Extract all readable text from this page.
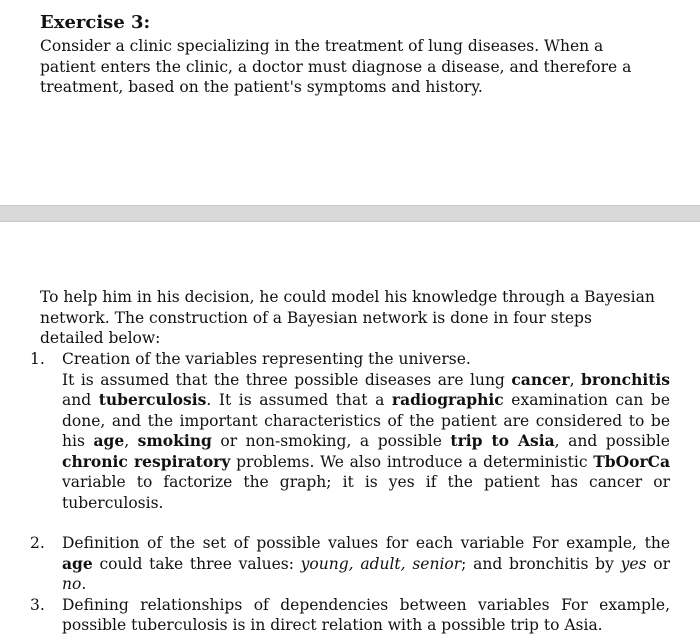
Exercise 3:
Consider a clinic specializing in the treatment of lung diseases. When a patient enters the clinic, a doctor must diagnose a disease, and therefore a treatment, based on the patient's symptoms and history.
To help him in his decision, he could model his knowledge through a Bayesian network. The construction of a Bayesian network is done in four steps detailed below:
1. Creation of the variables representing the universe.
It is assumed that the three possible diseases are lung cancer, bronchitis and tuberculosis. It is assumed that a radiographic examination can be done, and the important characteristics of the patient are considered to be his age, smoking or non-smoking, a possible trip to Asia, and possible chronic respiratory problems. We also introduce a deterministic TbOorCa variable to factorize the graph; it is yes if the patient has cancer or tuberculosis.
2. Definition of the set of possible values for each variable For example, the age could take three values: young, adult, senior; and bronchitis by yes or no.
3. Defining relationships of dependencies between variables For example, possible tuberculosis is in direct relation with a possible trip to Asia.
